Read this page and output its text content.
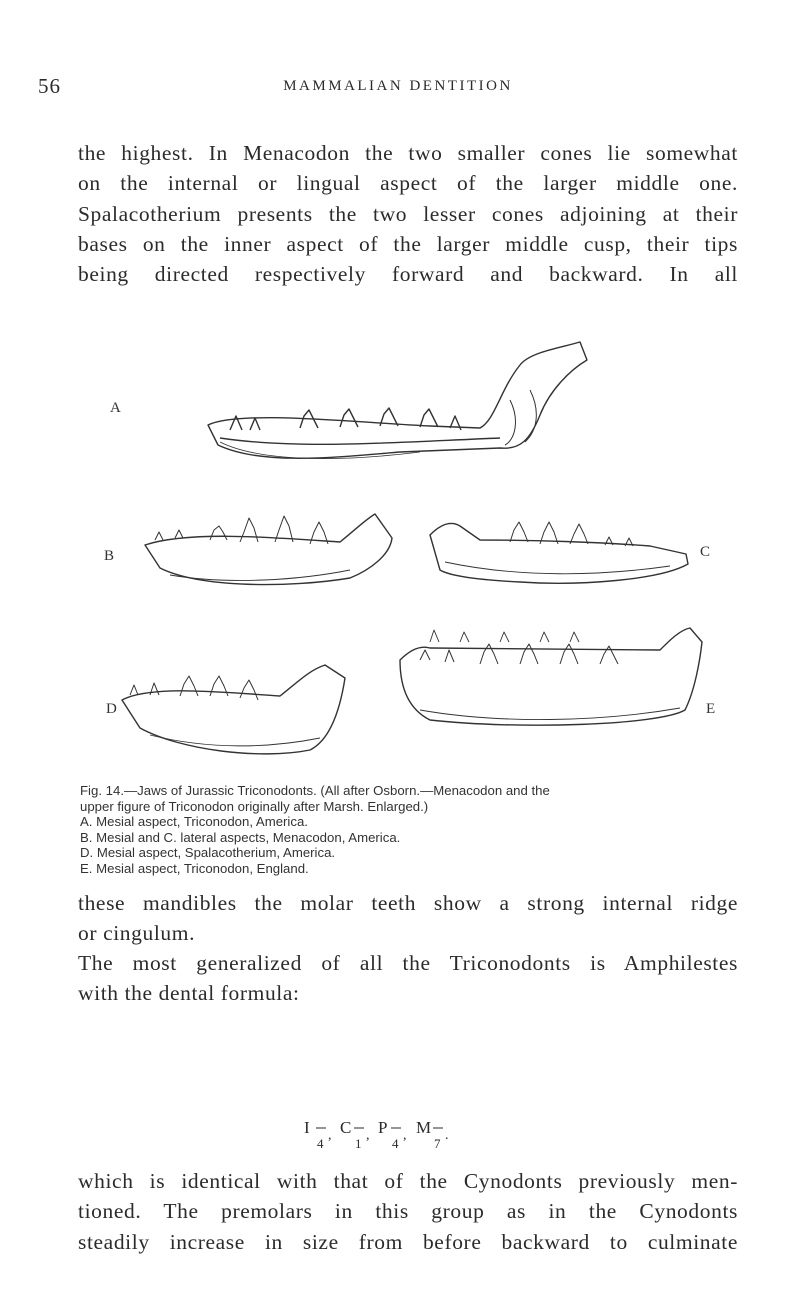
56	MAMMALIAN DENTITION

the highest. In Menacodon the two smaller cones lie somewhat
on the internal or lingual aspect of the larger middle one.
Spalacotherium presents the two lesser cones adjoining at their
bases on the inner aspect of the larger middle cusp, their tips
being directed respectively forward and backward. In all

A
B	C
D	E
Fig. 14.—Jaws of Jurassic Triconodonts. (All after Osborn.—Menacodon and the
upper figure of Triconodon originally after Marsh. Enlarged.)
A. Mesial aspect, Triconodon, America.
B. Mesial and C. lateral aspects, Menacodon, America.
D. Mesial aspect, Spalacotherium, America.
E. Mesial aspect, Triconodon, England.

these mandibles the molar teeth show a strong internal ridge
or cingulum.

The most generalized of all the Triconodonts is Amphilestes
with the dental formula:

I
4
, C
1
, P
4
, M
7
.

which is identical with that of the Cynodonts previously men-
tioned. The premolars in this group as in the Cynodonts
steadily increase in size from before backward to culminate
